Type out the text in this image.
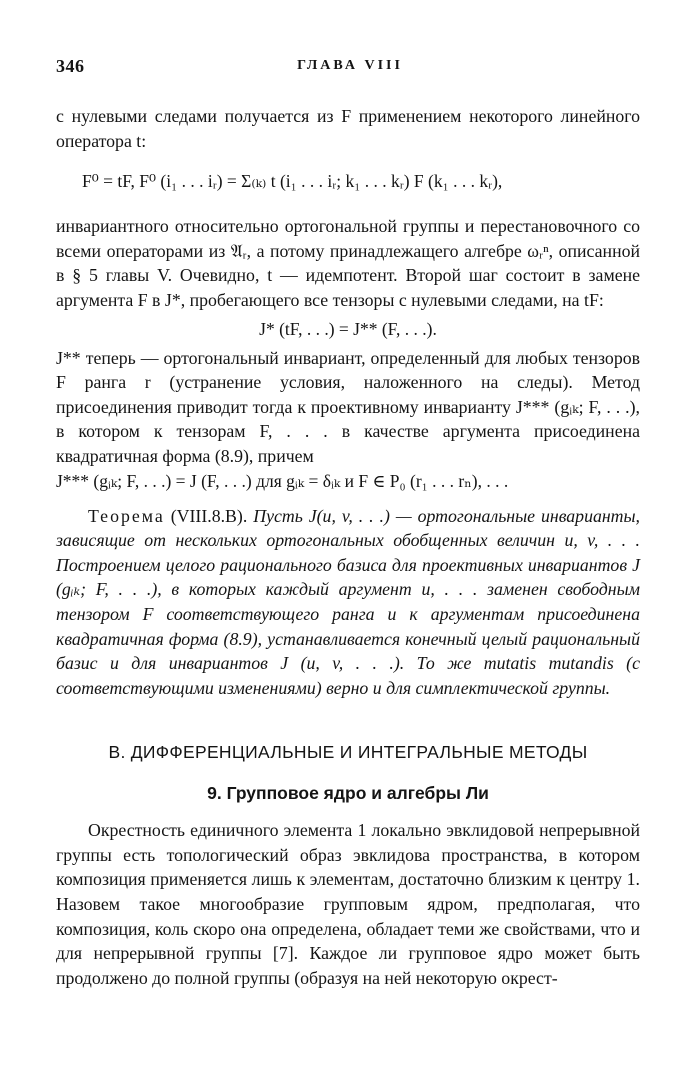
346	ГЛАВА VIII

с нулевыми следами получается из F применением некоторого линейного оператора t:

F⁰ = tF, F⁰ (i₁ . . . iᵣ) = Σ₍ₖ₎ t (i₁ . . . iᵣ; k₁ . . . kᵣ) F (k₁ . . . kᵣ),

инвариантного относительно ортогональной группы и перестановочного со всеми операторами из 𝔄ᵣ, а потому принадлежащего алгебре ωᵣⁿ, описанной в § 5 главы V. Очевидно, t — идемпотент. Второй шаг состоит в замене аргумента F в J*, пробегающего все тензоры с нулевыми следами, на tF:

J* (tF, . . .) = J** (F, . . .).

J** теперь — ортогональный инвариант, определенный для любых тензоров F ранга r (устранение условия, наложенного на следы). Метод присоединения приводит тогда к проективному инварианту J*** (gᵢₖ; F, . . .), в котором к тензорам F, . . . в качестве аргумента присоединена квадратичная форма (8.9), причем

J*** (gᵢₖ; F, . . .) = J (F, . . .) для gᵢₖ = δᵢₖ и F ∈ P₀ (r₁ . . . rₙ), . . .

Теорема (VIII.8.B). Пусть J(u, v, . . .) — ортогональные инварианты, зависящие от нескольких ортогональных обобщенных величин u, v, . . . Построением целого рационального базиса для проективных инвариантов J (gᵢₖ; F, . . .), в которых каждый аргумент u, . . . заменен свободным тензором F соответствующего ранга и к аргументам присоединена квадратичная форма (8.9), устанавливается конечный целый рациональный базис и для инвариантов J (u, v, . . .). То же mutatis mutandis (с соответствующими изменениями) верно и для симплектической группы.

B. ДИФФЕРЕНЦИАЛЬНЫЕ И ИНТЕГРАЛЬНЫЕ МЕТОДЫ
9. Групповое ядро и алгебры Ли

Окрестность единичного элемента 1 локально эвклидовой непрерывной группы есть топологический образ эвклидова пространства, в котором композиция применяется лишь к элементам, достаточно близким к центру 1. Назовем такое многообразие групповым ядром, предполагая, что композиция, коль скоро она определена, обладает теми же свойствами, что и для непрерывной группы [7]. Каждое ли групповое ядро может быть продолжено до полной группы (образуя на ней некоторую окрест-
